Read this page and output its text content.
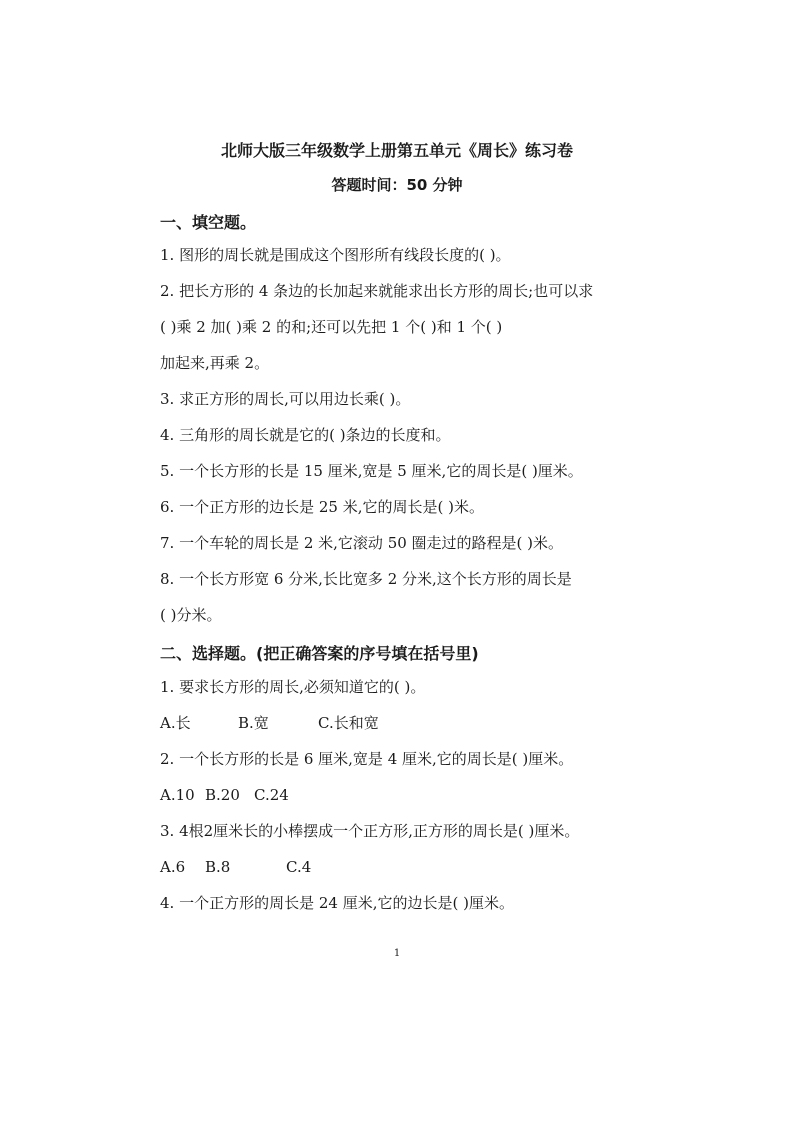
北师大版三年级数学上册第五单元《周长》练习卷
答题时间：50 分钟
一、填空题。
1. 图形的周长就是围成这个图形所有线段长度的( )。
2. 把长方形的 4 条边的长加起来就能求出长方形的周长;也可以求
( )乘 2 加( )乘 2 的和;还可以先把 1 个( )和 1 个( )
加起来,再乘 2。
3. 求正方形的周长,可以用边长乘( )。
4. 三角形的周长就是它的( )条边的长度和。
5. 一个长方形的长是 15 厘米,宽是 5 厘米,它的周长是( )厘米。
6. 一个正方形的边长是 25 米,它的周长是( )米。
7. 一个车轮的周长是 2 米,它滚动 50 圈走过的路程是( )米。
8. 一个长方形宽 6 分米,长比宽多 2 分米,这个长方形的周长是
( )分米。
二、选择题。(把正确答案的序号填在括号里)
1. 要求长方形的周长,必须知道它的( )。
A.长	B.宽	C.长和宽
2. 一个长方形的长是 6 厘米,宽是 4 厘米,它的周长是( )厘米。
A.10 B.20 C.24
3. 4根2厘米长的小棒摆成一个正方形,正方形的周长是( )厘米。
A.6 B.8	C.4
4. 一个正方形的周长是 24 厘米,它的边长是( )厘米。
1
